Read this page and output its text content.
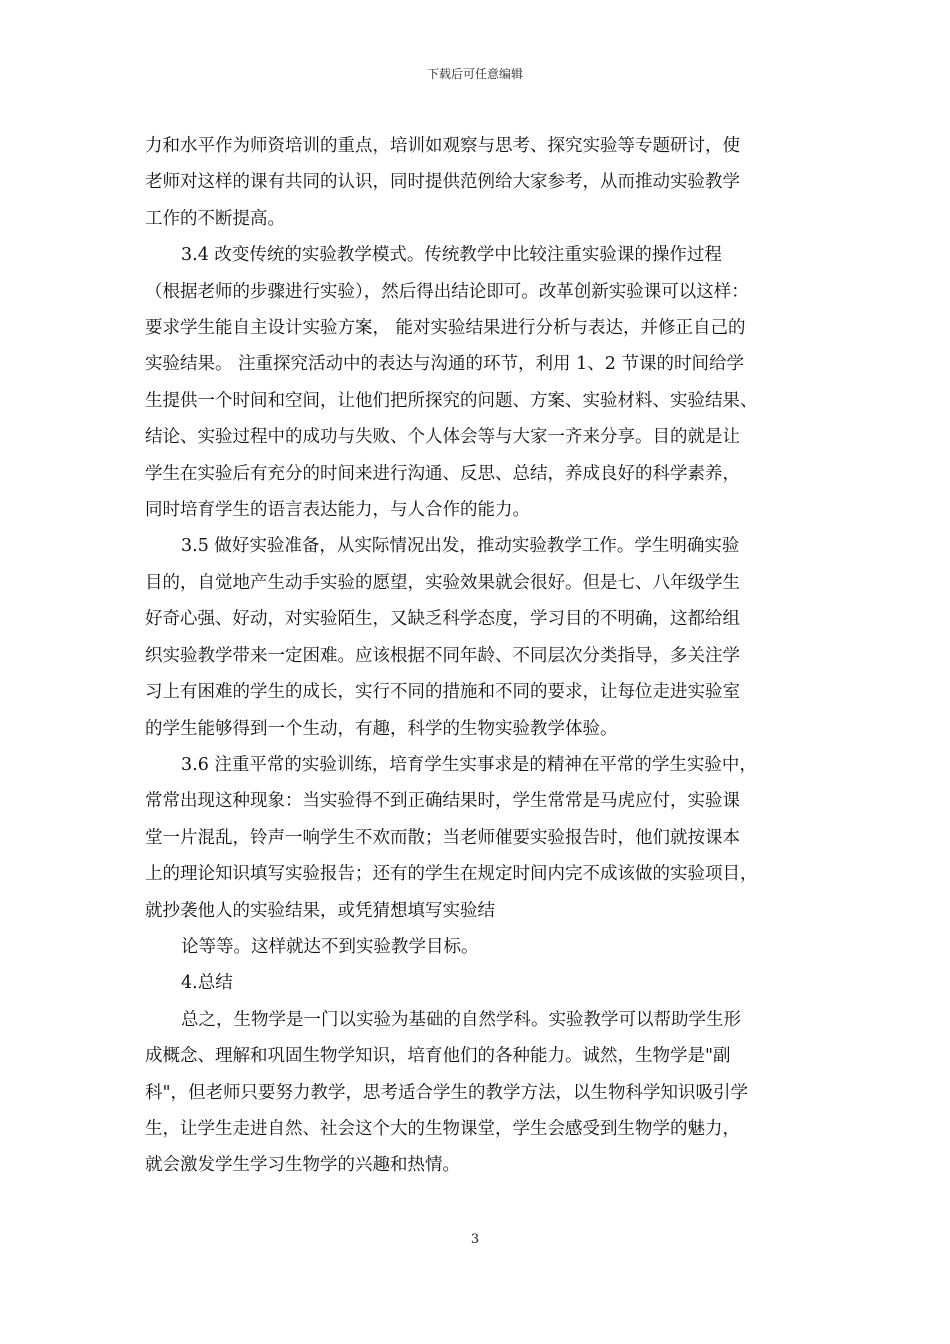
下载后可任意编辑

力和水平作为师资培训的重点，培训如观察与思考、探究实验等专题研讨，使

老师对这样的课有共同的认识，同时提供范例给大家参考，从而推动实验教学

工作的不断提高。

3.4 改变传统的实验教学模式。传统教学中比较注重实验课的操作过程

（根据老师的步骤进行实验），然后得出结论即可。改革创新实验课可以这样：

要求学生能自主设计实验方案， 能对实验结果进行分析与表达，并修正自己的

实验结果。 注重探究活动中的表达与沟通的环节，利用 1、2 节课的时间给学

生提供一个时间和空间，让他们把所探究的问题、方案、实验材料、实验结果、

结论、实验过程中的成功与失败、个人体会等与大家一齐来分享。目的就是让

学生在实验后有充分的时间来进行沟通、反思、总结，养成良好的科学素养，

同时培育学生的语言表达能力，与人合作的能力。

3.5 做好实验准备，从实际情况出发，推动实验教学工作。学生明确实验

目的，自觉地产生动手实验的愿望，实验效果就会很好。但是七、八年级学生

好奇心强、好动，对实验陌生，又缺乏科学态度，学习目的不明确，这都给组

织实验教学带来一定困难。应该根据不同年龄、不同层次分类指导，多关注学

习上有困难的学生的成长，实行不同的措施和不同的要求，让每位走进实验室

的学生能够得到一个生动，有趣，科学的生物实验教学体验。

3.6 注重平常的实验训练，培育学生实事求是的精神在平常的学生实验中，

常常出现这种现象：当实验得不到正确结果时，学生常常是马虎应付，实验课

堂一片混乱，铃声一响学生不欢而散；当老师催要实验报告时，他们就按课本

上的理论知识填写实验报告；还有的学生在规定时间内完不成该做的实验项目，

就抄袭他人的实验结果，或凭猜想填写实验结

论等等。这样就达不到实验教学目标。

4.总结

总之，生物学是一门以实验为基础的自然学科。实验教学可以帮助学生形

成概念、理解和巩固生物学知识，培育他们的各种能力。诚然，生物学是"副

科"，但老师只要努力教学，思考适合学生的教学方法，以生物科学知识吸引学

生，让学生走进自然、社会这个大的生物课堂，学生会感受到生物学的魅力，

就会激发学生学习生物学的兴趣和热情。

3
